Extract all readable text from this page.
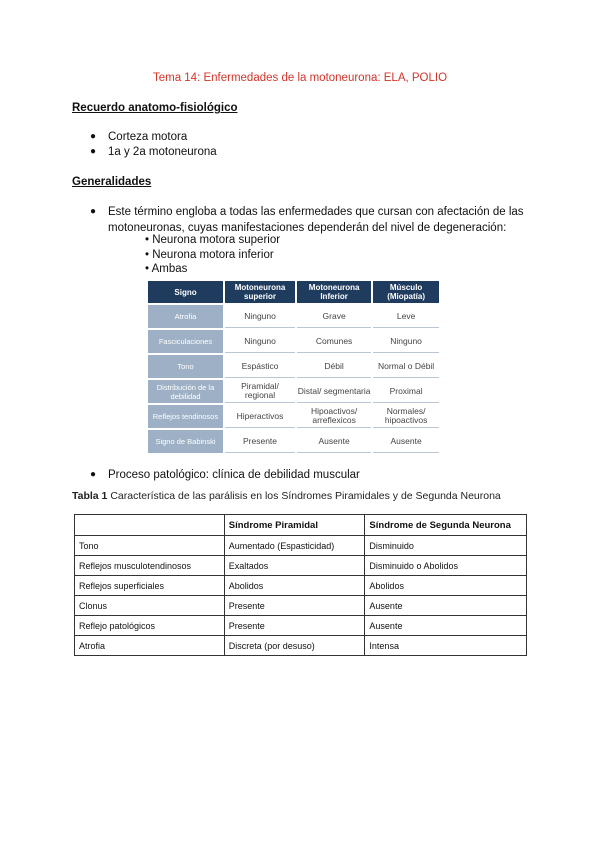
Tema 14: Enfermedades de la motoneurona: ELA, POLIO
Recuerdo anatomo-fisiológico
● Corteza motora
● 1a y 2a motoneurona
Generalidades
● Este término engloba a todas las enfermedades que cursan con afectación de las
motoneuronas, cuyas manifestaciones dependerán del nivel de degeneración:
• Neurona motora superior
• Neurona motora inferior
• Ambas
Signo	Motoneurona superior	Motoneurona Inferior	Músculo (Miopatía)
Atrofia	Ninguno	Grave	Leve
Fasciculaciones	Ninguno	Comunes	Ninguno
Tono	Espástico	Débil	Normal o Débil
Distribución de la debilidad	Piramidal/ regional	Distal/ segmentaria	Proximal
Reflejos tendinosos	Hiperactivos	Hipoactivos/ arreflexicos	Normales/ hipoactivos
Signo de Babinski	Presente	Ausente	Ausente
● Proceso patológico: clínica de debilidad muscular
Tabla 1 Característica de las parálisis en los Síndromes Piramidales y de Segunda Neurona
	Síndrome Piramidal	Síndrome de Segunda Neurona
Tono	Aumentado (Espasticidad)	Disminuido
Reflejos musculotendinosos	Exaltados	Disminuido o Abolidos
Reflejos superficiales	Abolidos	Abolidos
Clonus	Presente	Ausente
Reflejo patológicos	Presente	Ausente
Atrofia	Discreta (por desuso)	Intensa
